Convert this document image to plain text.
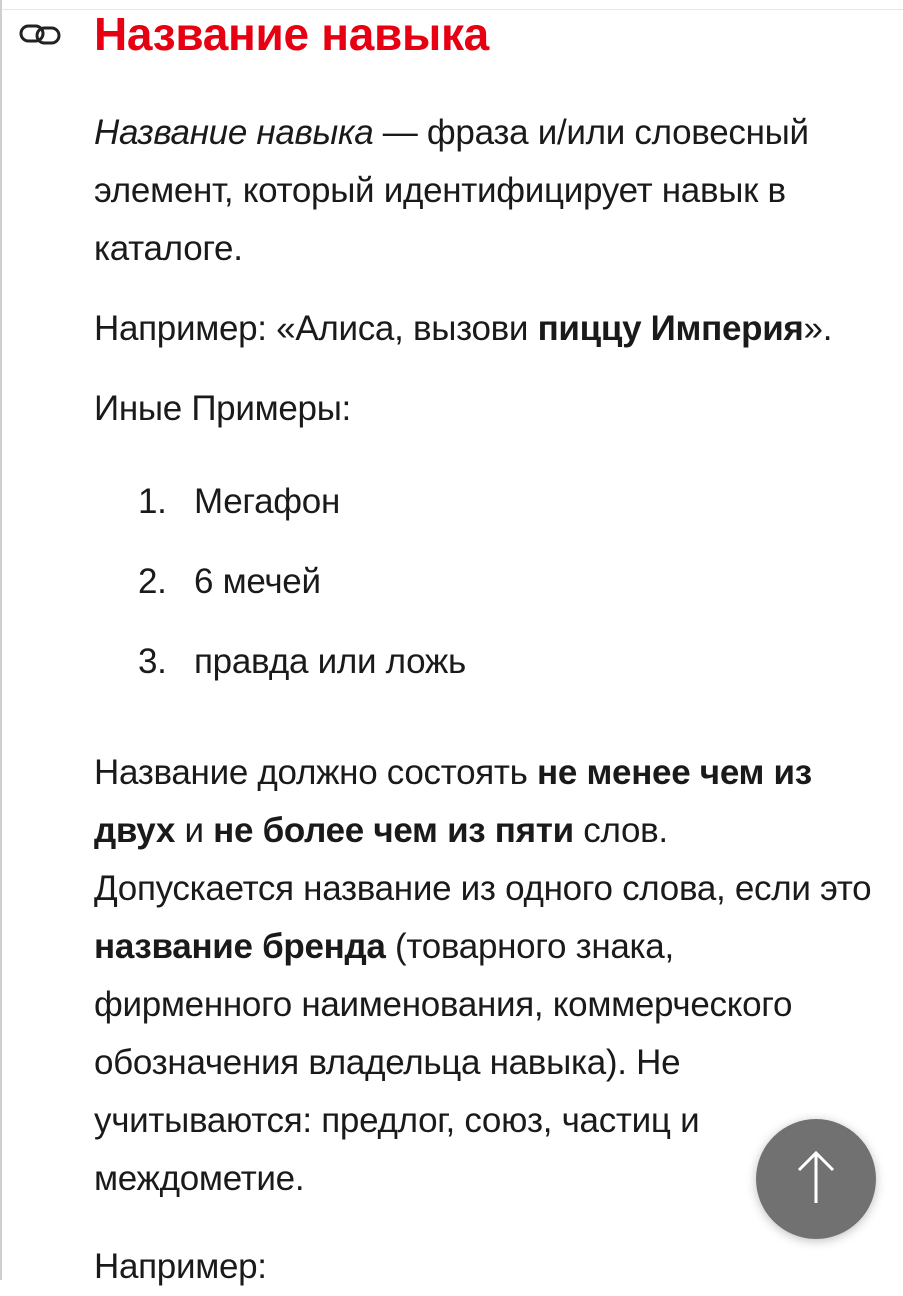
Название навыка

Название навыка — фраза и/или словесный элемент, который идентифицирует навык в каталоге.

Например: «Алиса, вызови пиццу Империя».

Иные Примеры:

1. Мегафон
2. 6 мечей
3. правда или ложь

Название должно состоять не менее чем из двух и не более чем из пяти слов. Допускается название из одного слова, если это название бренда (товарного знака, фирменного наименования, коммерческого обозначения владельца навыка). Не учитываются: предлог, союз, частиц и междометие.

Например:
